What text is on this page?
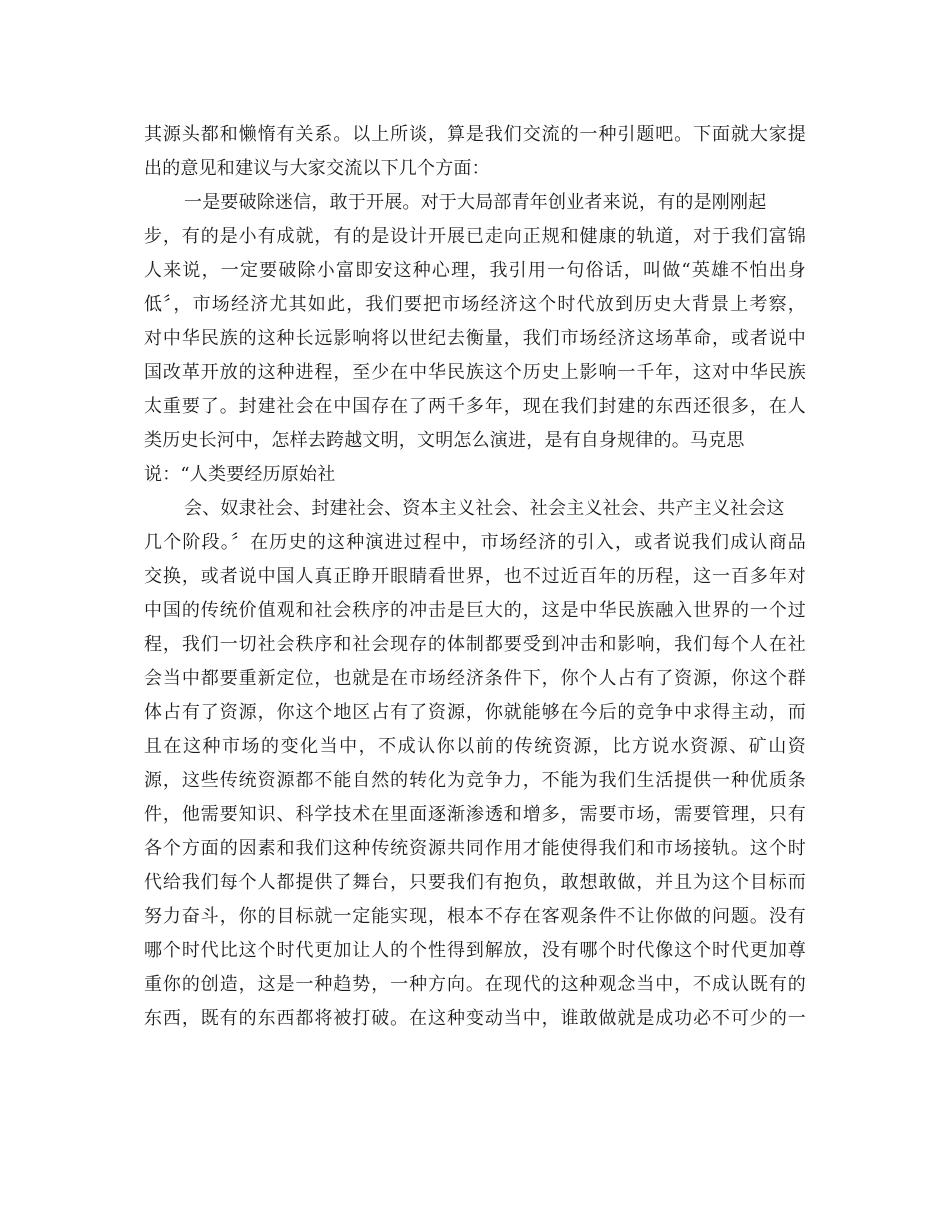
其源头都和懒惰有关系。以上所谈，算是我们交流的一种引题吧。下面就大家提
出的意见和建议与大家交流以下几个方面：
一是要破除迷信，敢于开展。对于大局部青年创业者来说，有的是刚刚起
步，有的是小有成就，有的是设计开展已走向正规和健康的轨道，对于我们富锦
人来说，一定要破除小富即安这种心理，我引用一句俗话，叫做“英雄不怕出身
低〞，市场经济尤其如此，我们要把市场经济这个时代放到历史大背景上考察，
对中华民族的这种长远影响将以世纪去衡量，我们市场经济这场革命，或者说中
国改革开放的这种进程，至少在中华民族这个历史上影响一千年，这对中华民族
太重要了。封建社会在中国存在了两千多年，现在我们封建的东西还很多，在人
类历史长河中，怎样去跨越文明，文明怎么演进，是有自身规律的。马克思
说：“人类要经历原始社
会、奴隶社会、封建社会、资本主义社会、社会主义社会、共产主义社会这
几个阶段。〞在历史的这种演进过程中，市场经济的引入，或者说我们成认商品
交换，或者说中国人真正睁开眼睛看世界，也不过近百年的历程，这一百多年对
中国的传统价值观和社会秩序的冲击是巨大的，这是中华民族融入世界的一个过
程，我们一切社会秩序和社会现存的体制都要受到冲击和影响，我们每个人在社
会当中都要重新定位，也就是在市场经济条件下，你个人占有了资源，你这个群
体占有了资源，你这个地区占有了资源，你就能够在今后的竞争中求得主动，而
且在这种市场的变化当中，不成认你以前的传统资源，比方说水资源、矿山资
源，这些传统资源都不能自然的转化为竞争力，不能为我们生活提供一种优质条
件，他需要知识、科学技术在里面逐渐渗透和增多，需要市场，需要管理，只有
各个方面的因素和我们这种传统资源共同作用才能使得我们和市场接轨。这个时
代给我们每个人都提供了舞台，只要我们有抱负，敢想敢做，并且为这个目标而
努力奋斗，你的目标就一定能实现，根本不存在客观条件不让你做的问题。没有
哪个时代比这个时代更加让人的个性得到解放，没有哪个时代像这个时代更加尊
重你的创造，这是一种趋势，一种方向。在现代的这种观念当中，不成认既有的
东西，既有的东西都将被打破。在这种变动当中，谁敢做就是成功必不可少的一
